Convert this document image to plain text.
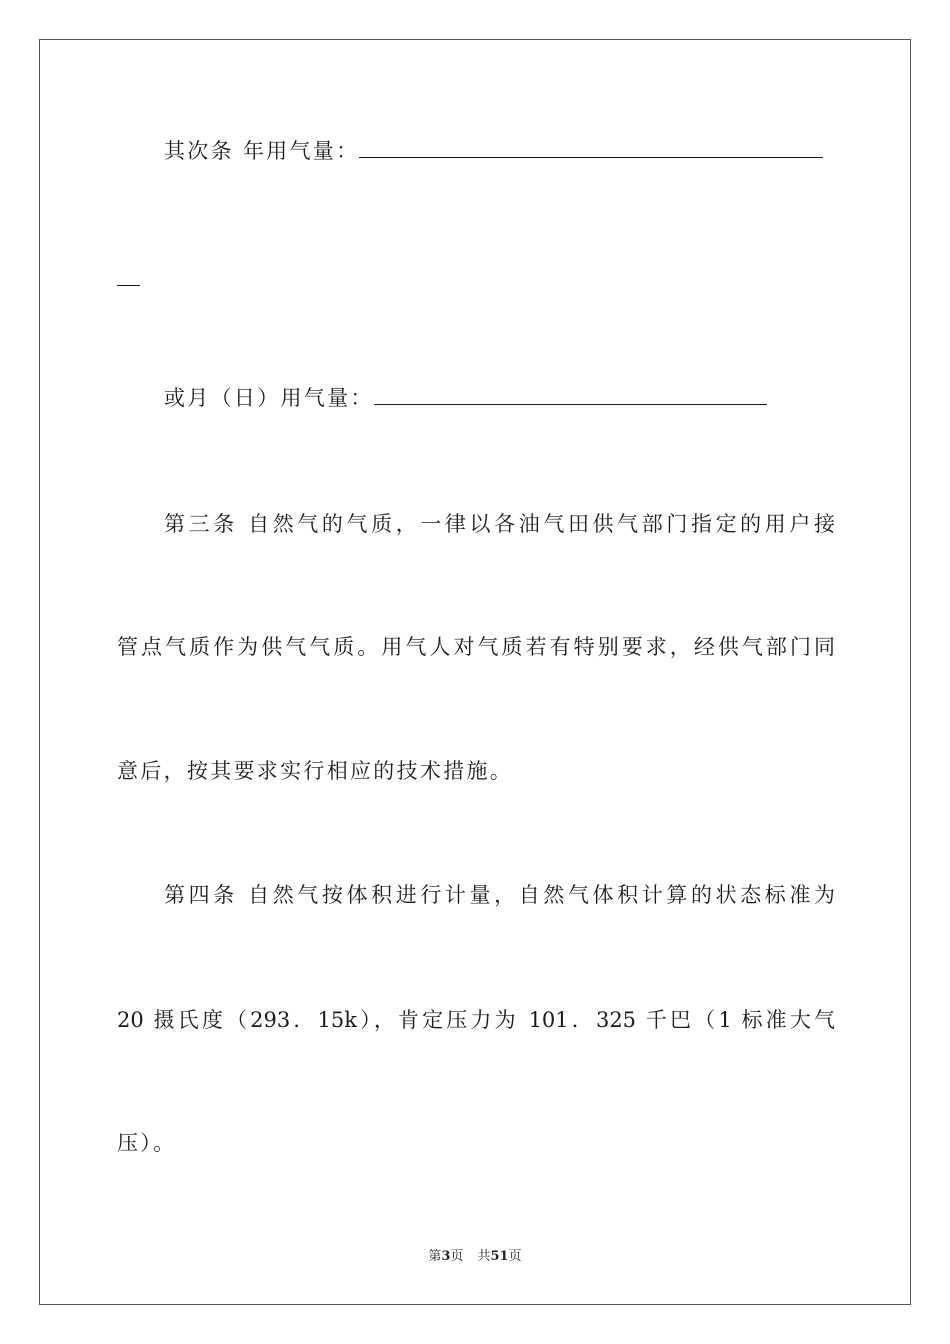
其次条 年用气量：
或月（日）用气量：
第三条 自然气的气质，一律以各油气田供气部门指定的用户接
管点气质作为供气气质。用气人对气质若有特别要求，经供气部门同
意后，按其要求实行相应的技术措施。
第四条 自然气按体积进行计量，自然气体积计算的状态标准为
20 摄氏度（293．15k），肯定压力为 101．325 千巴（1 标准大气
压）。
第3页 共51页
